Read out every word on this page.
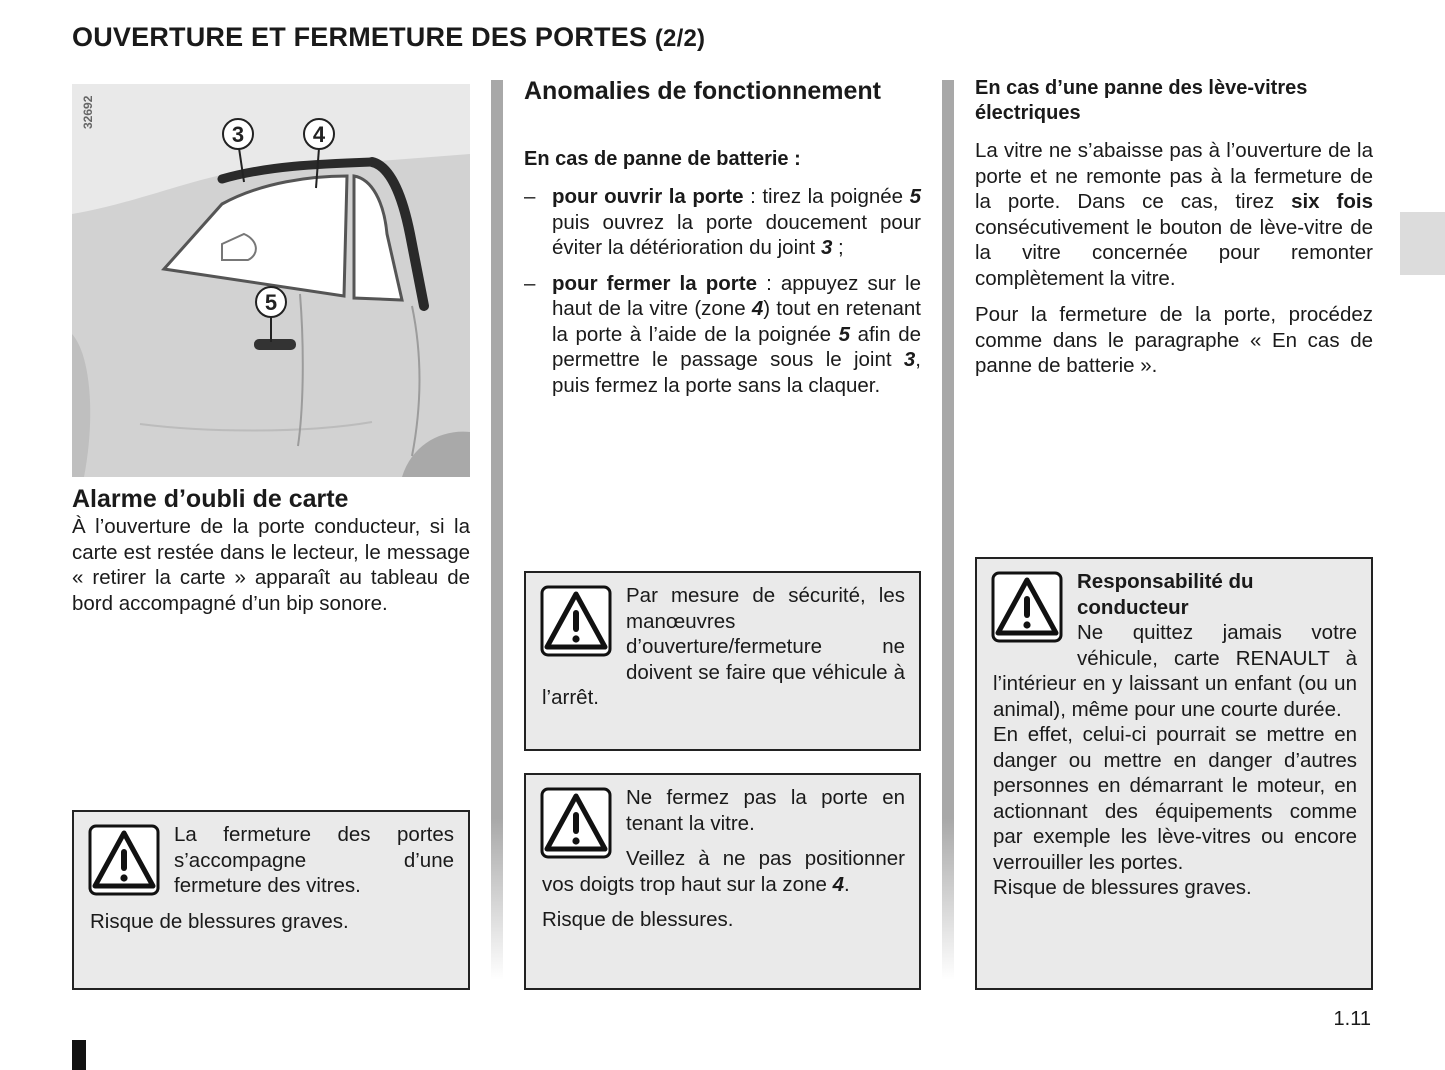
OUVERTURE ET FERMETURE DES PORTES (2/2)
3	4
5
32692
Alarme d’oubli de carte

À l’ouverture de la porte conducteur, si la carte est restée dans le lecteur, le message « retirer la carte » apparaît au tableau de bord accompagné d’un bip sonore.

La fermeture des portes s’accompagne d’une fermeture des vitres.

Risque de blessures graves.

Anomalies de fonctionnement
En cas de panne de batterie :
– pour ouvrir la porte : tirez la poignée 5 puis ouvrez la porte doucement pour éviter la détérioration du joint 3 ;
– pour fermer la porte : appuyez sur le haut de la vitre (zone 4) tout en retenant la porte à l’aide de la poignée 5 afin de permettre le passage sous le joint 3, puis fermez la porte sans la claquer.

Par mesure de sécurité, les manœuvres d’ouverture/fermeture ne doivent se faire que véhicule à l’arrêt.

Ne fermez pas la porte en tenant la vitre.

Veillez à ne pas positionner vos doigts trop haut sur la zone 4.

Risque de blessures.

En cas d’une panne des lève-vitres électriques

La vitre ne s’abaisse pas à l’ouverture de la porte et ne remonte pas à la fermeture de la porte. Dans ce cas, tirez six fois consécutivement le bouton de lève-vitre de la vitre concernée pour remonter complètement la vitre.

Pour la fermeture de la porte, procédez comme dans le paragraphe « En cas de panne de batterie ».

Responsabilité du conducteur
Ne quittez jamais votre véhicule, carte RENAULT à l’intérieur en y laissant un enfant (ou un animal), même pour une courte durée.
En effet, celui-ci pourrait se mettre en danger ou mettre en danger d’autres personnes en démarrant le moteur, en actionnant des équipements comme par exemple les lève-vitres ou encore verrouiller les portes.
Risque de blessures graves.
1.11
